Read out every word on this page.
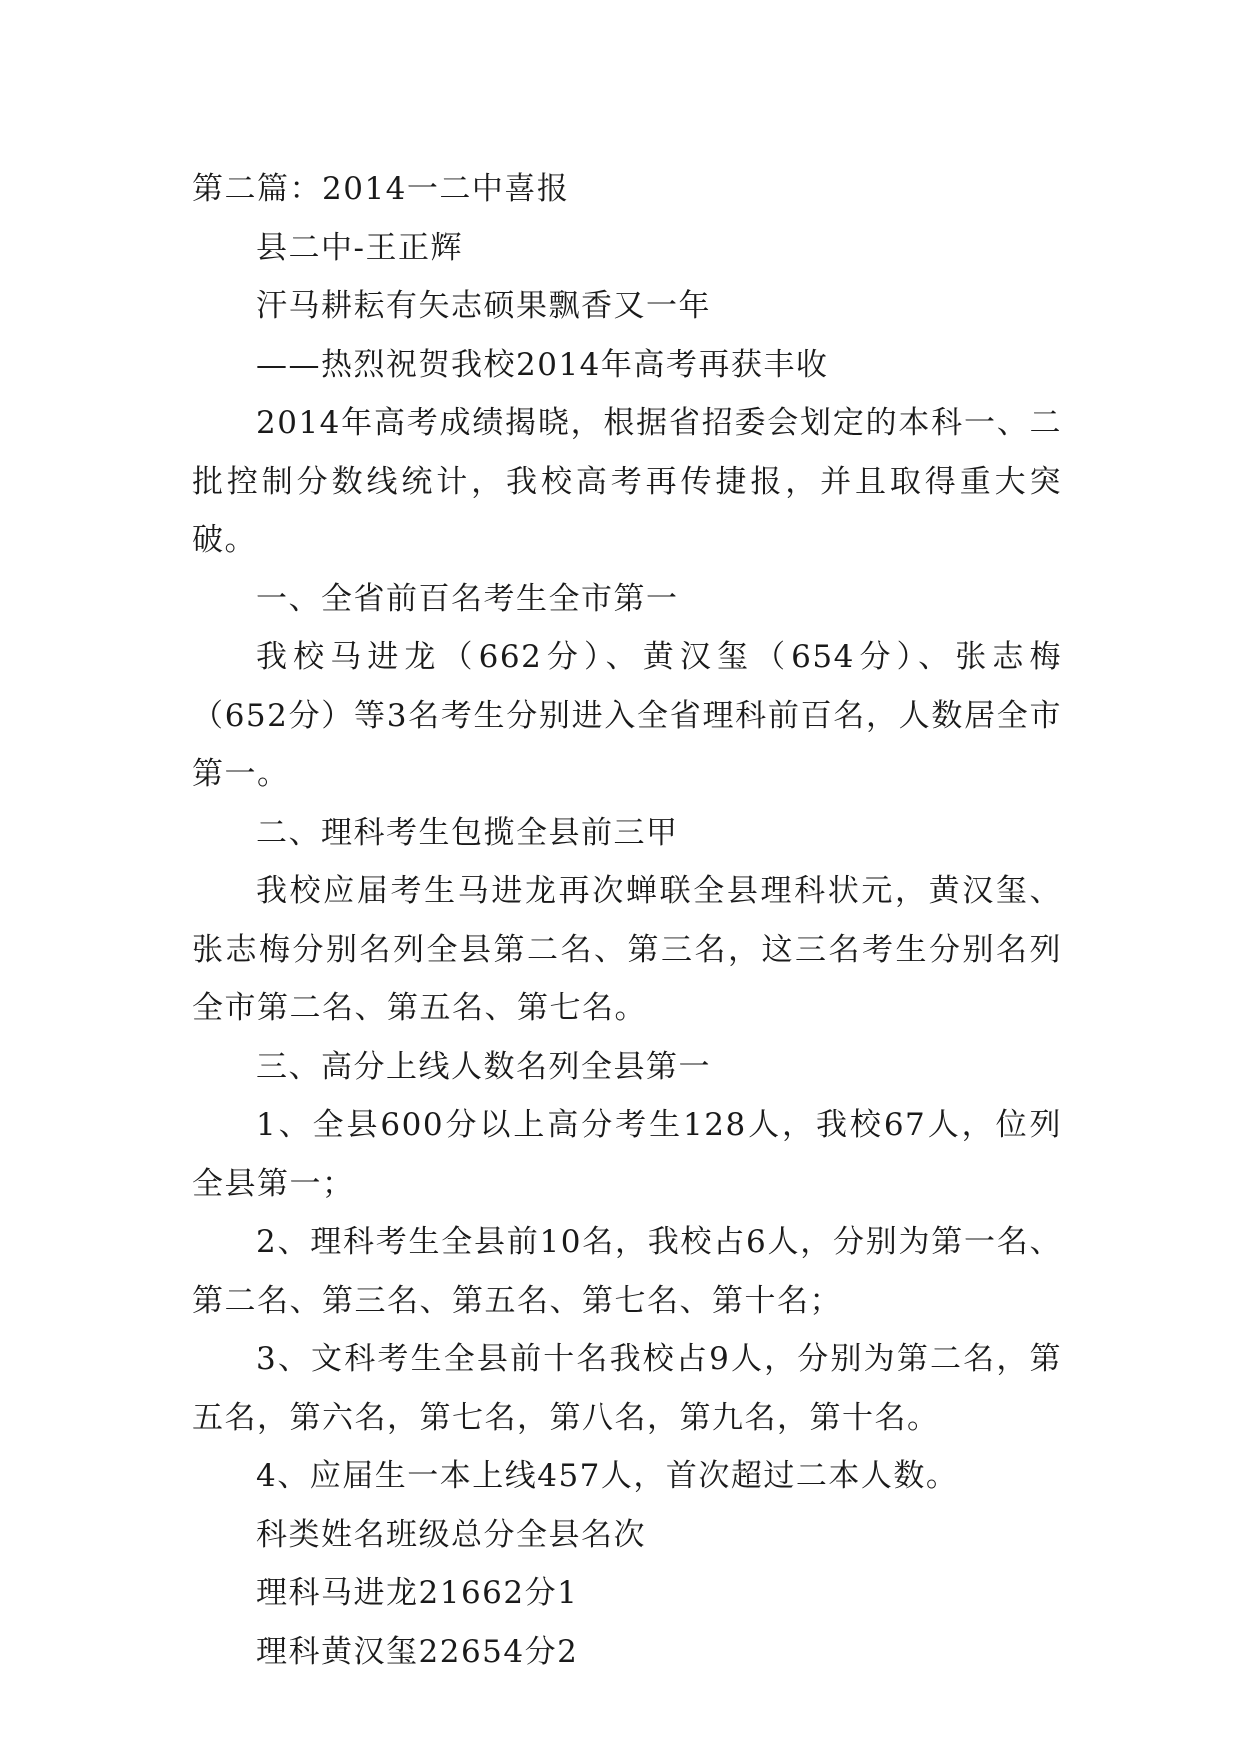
第二篇：2014一二中喜报

县二中-王正辉

汗马耕耘有矢志硕果飘香又一年

——热烈祝贺我校2014年高考再获丰收

2014年高考成绩揭晓，根据省招委会划定的本科一、二批控制分数线统计，我校高考再传捷报，并且取得重大突破。

一、全省前百名考生全市第一

我校马进龙（662分）、黄汉玺（654分）、张志梅（652分）等3名考生分别进入全省理科前百名，人数居全市第一。

二、理科考生包揽全县前三甲

我校应届考生马进龙再次蝉联全县理科状元，黄汉玺、张志梅分别名列全县第二名、第三名，这三名考生分别名列全市第二名、第五名、第七名。

三、高分上线人数名列全县第一

1、全县600分以上高分考生128人，我校67人，位列全县第一；

2、理科考生全县前10名，我校占6人，分别为第一名、第二名、第三名、第五名、第七名、第十名；

3、文科考生全县前十名我校占9人，分别为第二名，第五名，第六名，第七名，第八名，第九名，第十名。

4、应届生一本上线457人，首次超过二本人数。

科类姓名班级总分全县名次

理科马进龙21662分1

理科黄汉玺22654分2
